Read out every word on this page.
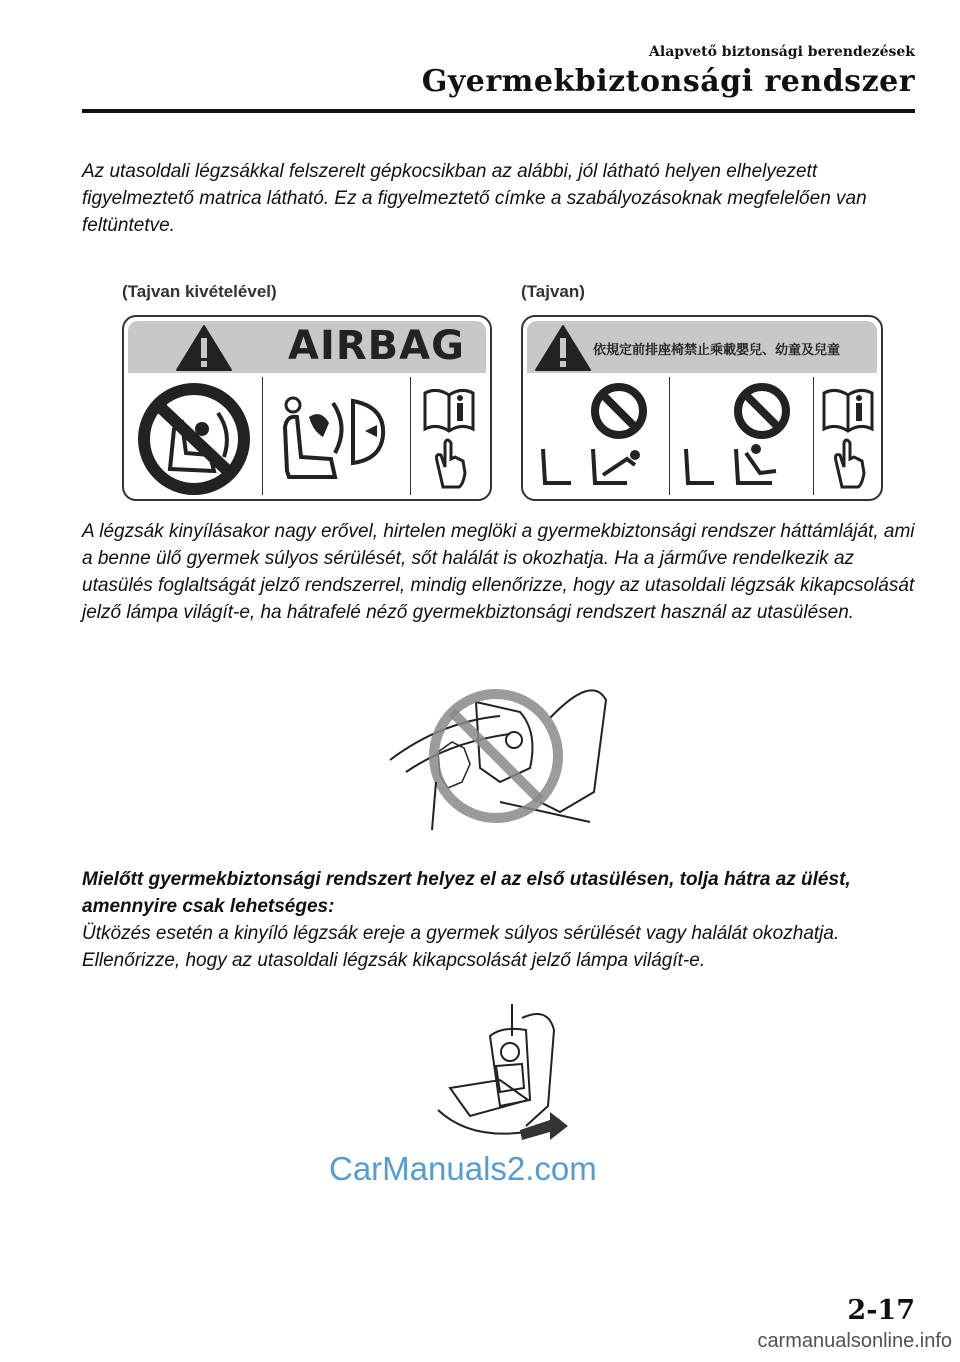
Alapvető biztonsági berendezések
Gyermekbiztonsági rendszer
Az utasoldali légzsákkal felszerelt gépkocsikban az alábbi, jól látható helyen elhelyezett figyelmeztető matrica látható. Ez a figyelmeztető címke a szabályozásoknak megfelelően van feltüntetve.
(Tajvan kivételével)	(Tajvan)
AIRBAG	依規定前排座椅禁止乘載嬰兒、幼童及兒童
A légzsák kinyílásakor nagy erővel, hirtelen meglöki a gyermekbiztonsági rendszer háttámláját, ami a benne ülő gyermek súlyos sérülését, sőt halálát is okozhatja. Ha a járműve rendelkezik az utasülés foglaltságát jelző rendszerrel, mindig ellenőrizze, hogy az utasoldali légzsák kikapcsolását jelző lámpa világít-e, ha hátrafelé néző gyermekbiztonsági rendszert használ az utasülésen.
Mielőtt gyermekbiztonsági rendszert helyez el az első utasülésen, tolja hátra az ülést, amennyire csak lehetséges:
Ütközés esetén a kinyíló légzsák ereje a gyermek súlyos sérülését vagy halálát okozhatja. Ellenőrizze, hogy az utasoldali légzsák kikapcsolását jelző lámpa világít-e.
CarManuals2.com
2-17
carmanualsonline.info
